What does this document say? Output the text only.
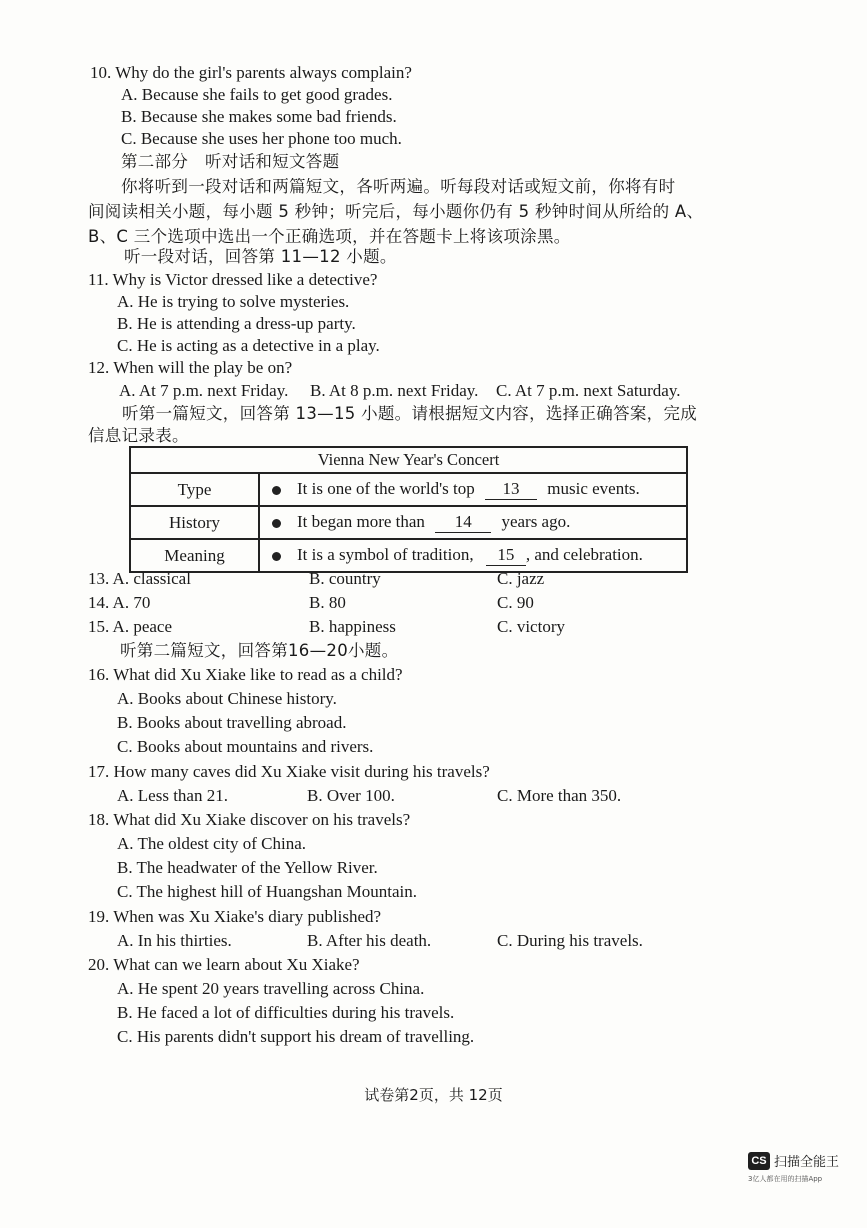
10. Why do the girl's parents always complain?
A. Because she fails to get good grades.
B. Because she makes some bad friends.
C. Because she uses her phone too much.
第二部分　听对话和短文答题
你将听到一段对话和两篇短文，各听两遍。听每段对话或短文前，你将有时
间阅读相关小题，每小题 5 秒钟；听完后，每小题你仍有 5 秒钟时间从所给的 A、
B、C 三个选项中选出一个正确选项，并在答题卡上将该项涂黑。
听一段对话，回答第 11—12 小题。
11. Why is Victor dressed like a detective?
A. He is trying to solve mysteries.
B. He is attending a dress-up party.
C. He is acting as a detective in a play.
12. When will the play be on?
A. At 7 p.m. next Friday. B. At 8 p.m. next Friday. C. At 7 p.m. next Saturday.
听第一篇短文，回答第 13—15 小题。请根据短文内容，选择正确答案，完成
信息记录表。
Vienna New Year's Concert	
Type	It is one of the world's top 13 music events.
History	It began more than 14 years ago.
Meaning	It is a symbol of tradition, 15 , and celebration.
13. A. classical	B. country	C. jazz
14. A. 70	B. 80	C. 90
15. A. peace	B. happiness	C. victory
听第二篇短文，回答第16—20小题。
16. What did Xu Xiake like to read as a child?
A. Books about Chinese history.
B. Books about travelling abroad.
C. Books about mountains and rivers.
17. How many caves did Xu Xiake visit during his travels?
A. Less than 21.	B. Over 100.	C. More than 350.
18. What did Xu Xiake discover on his travels?
A. The oldest city of China.
B. The headwater of the Yellow River.
C. The highest hill of Huangshan Mountain.
19. When was Xu Xiake's diary published?
A. In his thirties.	B. After his death.	C. During his travels.
20. What can we learn about Xu Xiake?
A. He spent 20 years travelling across China.
B. He faced a lot of difficulties during his travels.
C. His parents didn't support his dream of travelling.
试卷第2页，共 12页
CS 扫描全能王
3亿人都在用的扫描App
